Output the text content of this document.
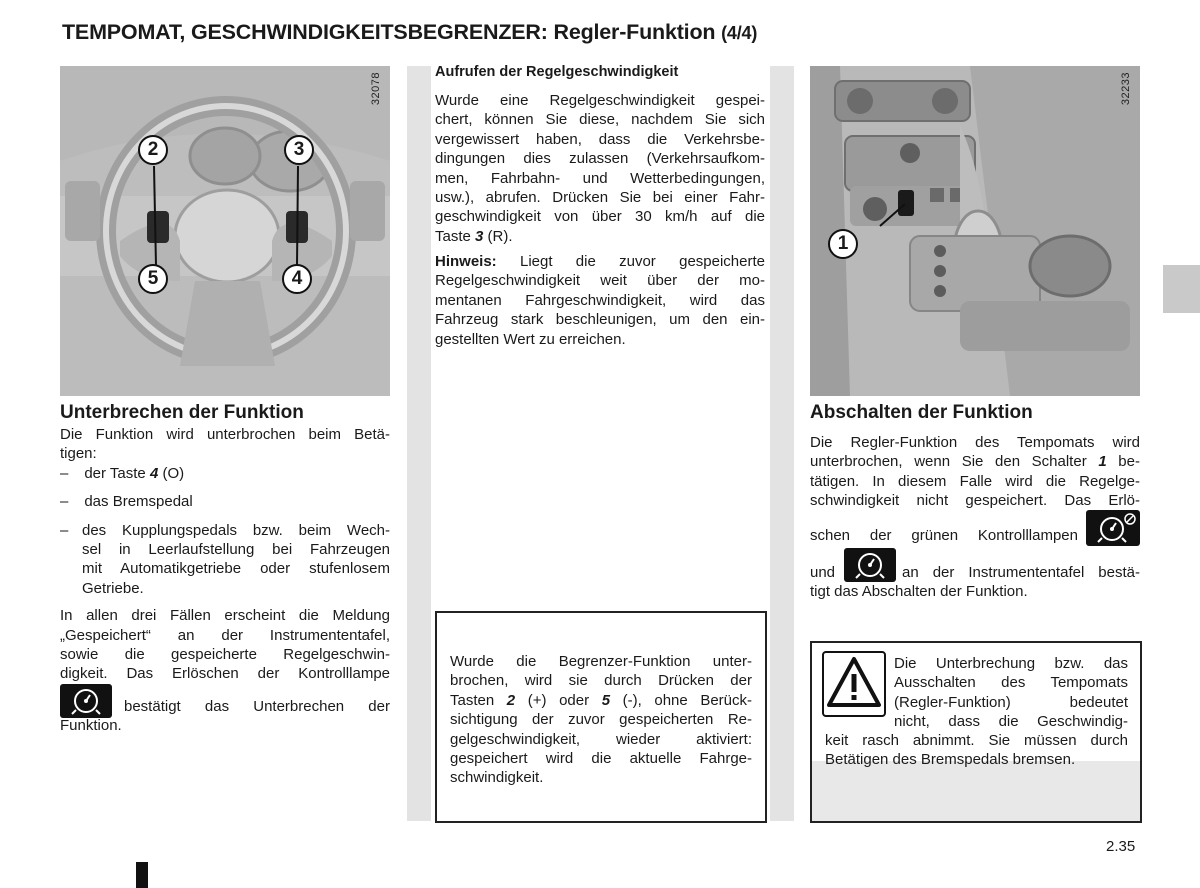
TEMPOMAT, GESCHWINDIGKEITSBEGRENZER: Regler-Funktion (4/4)
32078
2	3
5	4
Unterbrechen der Funktion
Die Funktion wird unterbrochen beim Betä-
tigen:
– der Taste 4 (O)
– das Bremspedal
– des Kupplungspedals bzw. beim Wech-
sel in Leerlaufstellung bei Fahrzeugen
mit Automatikgetriebe oder stufenlosem
Getriebe.
In allen drei Fällen erscheint die Meldung
„Gespeichert“ an der Instrumententafel,
sowie die gespeicherte Regelgeschwin-
digkeit. Das Erlöschen der Kontrolllampe
bestätigt das Unterbrechen der
Funktion.
Aufrufen der Regelgeschwindigkeit
Wurde eine Regelgeschwindigkeit gespei-
chert, können Sie diese, nachdem Sie sich
vergewissert haben, dass die Verkehrsbe-
dingungen dies zulassen (Verkehrsaufkom-
men, Fahrbahn- und Wetterbedingungen,
usw.), abrufen. Drücken Sie bei einer Fahr-
geschwindigkeit von über 30 km/h auf die
Taste 3 (R).
Hinweis: Liegt die zuvor gespeicherte
Regelgeschwindigkeit weit über der mo-
mentanen Fahrgeschwindigkeit, wird das
Fahrzeug stark beschleunigen, um den ein-
gestellten Wert zu erreichen.
Wurde die Begrenzer-Funktion unter-
brochen, wird sie durch Drücken der
Tasten 2 (+) oder 5 (-), ohne Berück-
sichtigung der zuvor gespeicherten Re-
gelgeschwindigkeit, wieder aktiviert:
gespeichert wird die aktuelle Fahrge-
schwindigkeit.
32233
1
Abschalten der Funktion
Die Regler-Funktion des Tempomats wird
unterbrochen, wenn Sie den Schalter 1 be-
tätigen. In diesem Falle wird die Regelge-
schwindigkeit nicht gespeichert. Das Erlö-
schen der grünen Kontrolllampen
und	an der Instrumententafel bestä-
tigt das Abschalten der Funktion.
Die Unterbrechung bzw. das
Ausschalten des Tempomats
(Regler-Funktion) bedeutet
nicht, dass die Geschwindig-
keit rasch abnimmt. Sie müssen durch
Betätigen des Bremspedals bremsen.
2.35
